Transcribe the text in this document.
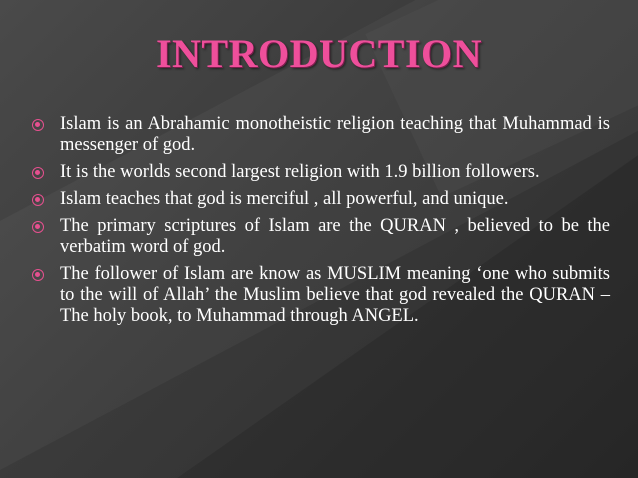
INTRODUCTION
Islam is an Abrahamic monotheistic religion teaching that Muhammad is messenger of god.
It is the worlds second largest religion with 1.9 billion followers.
Islam teaches that god is merciful , all powerful, and unique.
The primary scriptures of Islam are the QURAN , believed to be the verbatim word of god.
The follower of Islam are know as MUSLIM meaning ‘one who submits to the will of Allah’ the Muslim believe that god revealed the QURAN – The holy book, to Muhammad through ANGEL.
